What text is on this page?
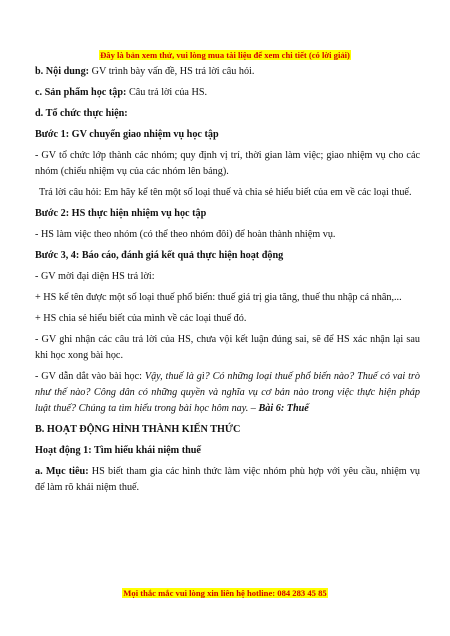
Đây là bản xem thử, vui lòng mua tài liệu để xem chi tiết (có lời giải)

b. Nội dung: GV trình bày vấn đề, HS trả lời câu hỏi.

c. Sản phẩm học tập: Câu trả lời của HS.

d. Tổ chức thực hiện:

Bước 1: GV chuyển giao nhiệm vụ học tập

- GV tổ chức lớp thành các nhóm; quy định vị trí, thời gian làm việc; giao nhiệm vụ cho các nhóm (chiếu nhiệm vụ của các nhóm lên bảng).

Trả lời câu hỏi: Em hãy kể tên một số loại thuế và chia sẻ hiểu biết của em về các loại thuế.

Bước 2: HS thực hiện nhiệm vụ học tập

- HS làm việc theo nhóm (có thể theo nhóm đôi) để hoàn thành nhiệm vụ.

Bước 3, 4: Báo cáo, đánh giá kết quả thực hiện hoạt động

- GV mời đại diện HS trả lời:

+ HS kể tên được một số loại thuế phổ biến: thuế giá trị gia tăng, thuế thu nhập cá nhân,...

+ HS chia sẻ hiểu biết của mình về các loại thuế đó.

- GV ghi nhận các câu trả lời của HS, chưa vội kết luận đúng sai, sẽ để HS xác nhận lại sau khi học xong bài học.

- GV dẫn dắt vào bài học: Vậy, thuế là gì? Có những loại thuế phổ biến nào? Thuế có vai trò như thế nào? Công dân có những quyền và nghĩa vụ cơ bản nào trong việc thực hiện pháp luật thuế? Chúng ta tìm hiểu trong bài học hôm nay. – Bài 6: Thuế

B. HOẠT ĐỘNG HÌNH THÀNH KIẾN THỨC

Hoạt động 1: Tìm hiểu khái niệm thuế

a. Mục tiêu: HS biết tham gia các hình thức làm việc nhóm phù hợp với yêu cầu, nhiệm vụ để làm rõ khái niệm thuế.

Mọi thắc mắc vui lòng xin liên hệ hotline: 084 283 45 85
